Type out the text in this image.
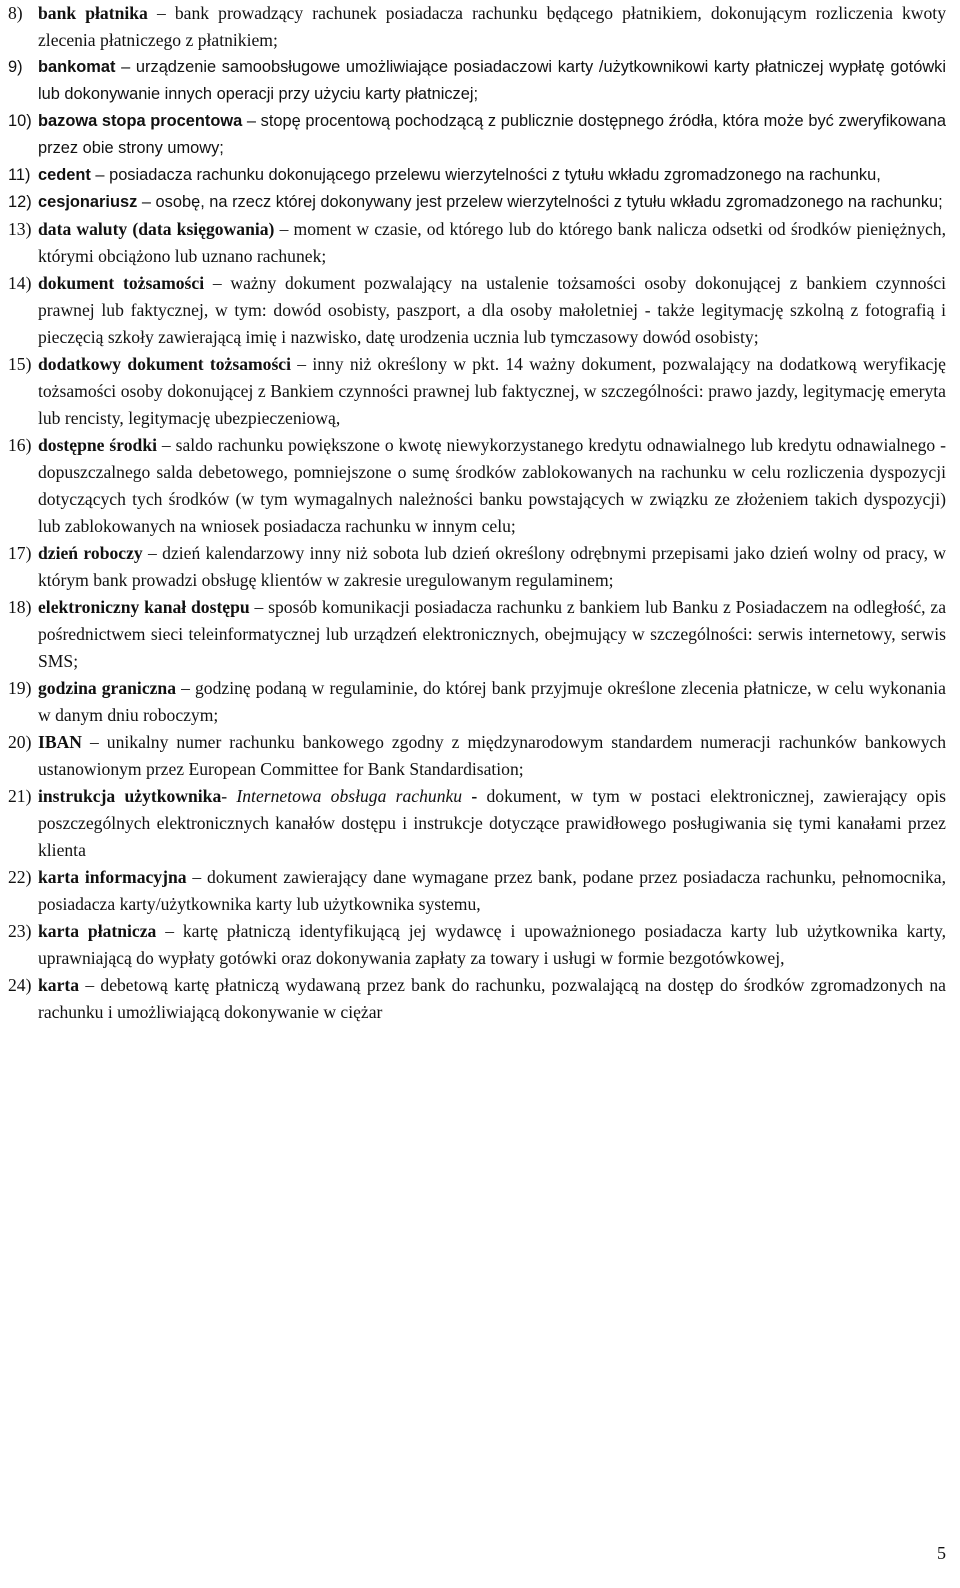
8) bank płatnika – bank prowadzący rachunek posiadacza rachunku będącego płatnikiem, dokonującym rozliczenia kwoty zlecenia płatniczego z płatnikiem;
9) bankomat – urządzenie samoobsługowe umożliwiające posiadaczowi karty /użytkownikowi karty płatniczej wypłatę gotówki lub dokonywanie innych operacji przy użyciu karty płatniczej;
10) bazowa stopa procentowa – stopę procentową pochodzącą z publicznie dostępnego źródła, która może być zweryfikowana przez obie strony umowy;
11) cedent – posiadacza rachunku dokonującego przelewu wierzytelności z tytułu wkładu zgromadzonego na rachunku,
12) cesjonariusz – osobę, na rzecz której dokonywany jest przelew wierzytelności z tytułu wkładu zgromadzonego na rachunku;
13) data waluty (data księgowania) – moment w czasie, od którego lub do którego bank nalicza odsetki od środków pieniężnych, którymi obciążono lub uznano rachunek;
14) dokument tożsamości – ważny dokument pozwalający na ustalenie tożsamości osoby dokonującej z bankiem czynności prawnej lub faktycznej, w tym: dowód osobisty, paszport, a dla osoby małoletniej - także legitymację szkolną z fotografią i pieczęcią szkoły zawierającą imię i nazwisko, datę urodzenia ucznia lub tymczasowy dowód osobisty;
15) dodatkowy dokument tożsamości – inny niż określony w pkt. 14 ważny dokument, pozwalający na dodatkową weryfikację tożsamości osoby dokonującej z Bankiem czynności prawnej lub faktycznej, w szczególności: prawo jazdy, legitymację emeryta lub rencisty, legitymację ubezpieczeniową,
16) dostępne środki – saldo rachunku powiększone o kwotę niewykorzystanego kredytu odnawialnego lub kredytu odnawialnego - dopuszczalnego salda debetowego, pomniejszone o sumę środków zablokowanych na rachunku w celu rozliczenia dyspozycji dotyczących tych środków (w tym wymagalnych należności banku powstających w związku ze złożeniem takich dyspozycji) lub zablokowanych na wniosek posiadacza rachunku w innym celu;
17) dzień roboczy – dzień kalendarzowy inny niż sobota lub dzień określony odrębnymi przepisami jako dzień wolny od pracy, w którym bank prowadzi obsługę klientów w zakresie uregulowanym regulaminem;
18) elektroniczny kanał dostępu – sposób komunikacji posiadacza rachunku z bankiem lub Banku z Posiadaczem na odległość, za pośrednictwem sieci teleinformatycznej lub urządzeń elektronicznych, obejmujący w szczególności: serwis internetowy, serwis SMS;
19) godzina graniczna – godzinę podaną w regulaminie, do której bank przyjmuje określone zlecenia płatnicze, w celu wykonania w danym dniu roboczym;
20) IBAN – unikalny numer rachunku bankowego zgodny z międzynarodowym standardem numeracji rachunków bankowych ustanowionym przez European Committee for Bank Standardisation;
21) instrukcja użytkownika- Internetowa obsługa rachunku - dokument, w tym w postaci elektronicznej, zawierający opis poszczególnych elektronicznych kanałów dostępu i instrukcje dotyczące prawidłowego posługiwania się tymi kanałami przez klienta
22) karta informacyjna – dokument zawierający dane wymagane przez bank, podane przez posiadacza rachunku, pełnomocnika, posiadacza karty/użytkownika karty lub użytkownika systemu,
23) karta płatnicza – kartę płatniczą identyfikującą jej wydawcę i upoważnionego posiadacza karty lub użytkownika karty, uprawniającą do wypłaty gotówki oraz dokonywania zapłaty za towary i usługi w formie bezgotówkowej,
24) karta – debetową kartę płatniczą wydawaną przez bank do rachunku, pozwalającą na dostęp do środków zgromadzonych na rachunku i umożliwiającą dokonywanie w ciężar
5
